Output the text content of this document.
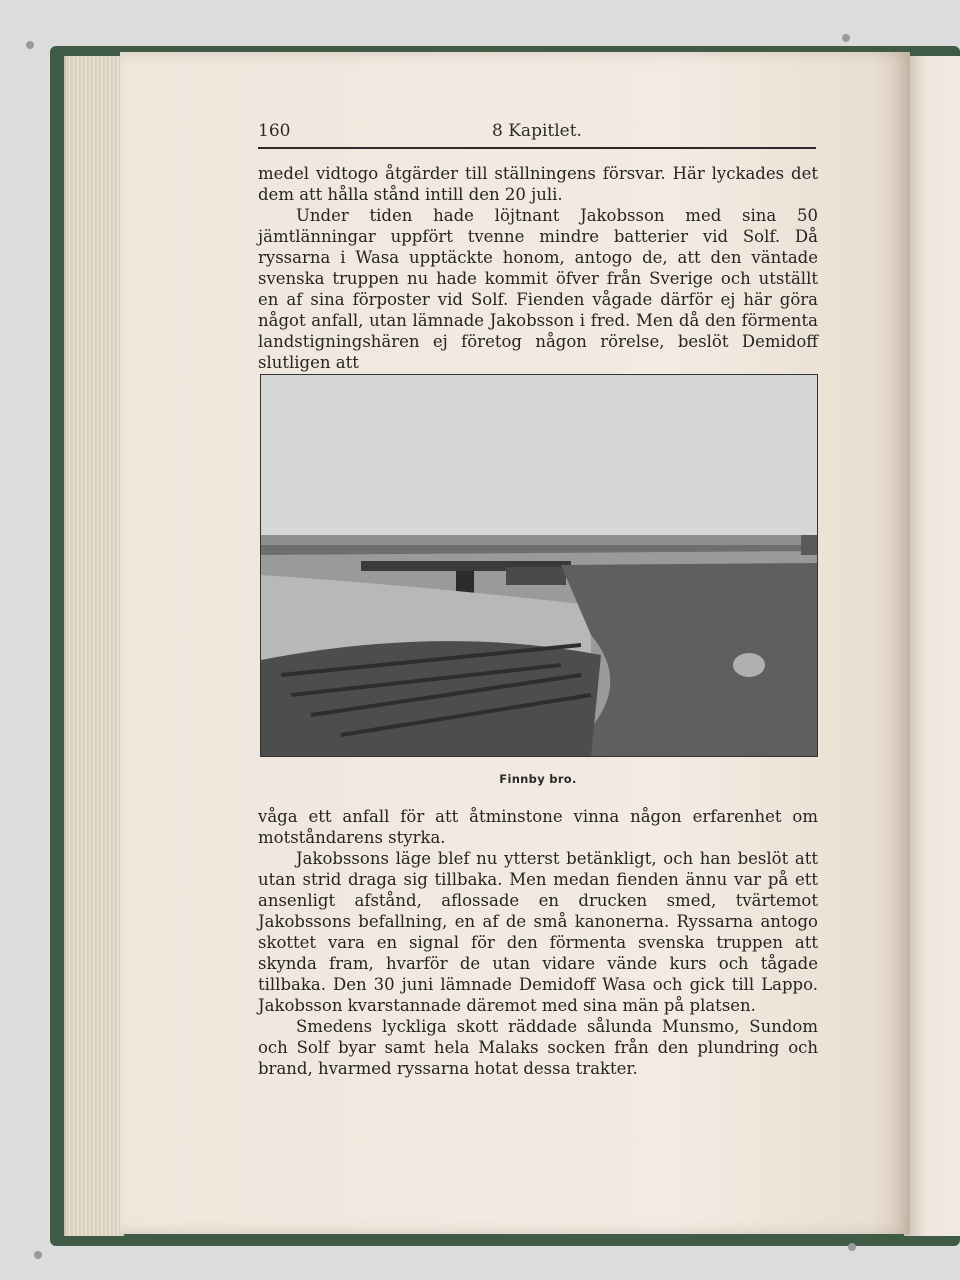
160	8 Kapitlet.

medel vidtogo åtgärder till ställningens försvar. Här lyckades det dem att hålla stånd intill den 20 juli.

Under tiden hade löjtnant Jakobsson med sina 50 jämtlänningar uppfört tvenne mindre batterier vid Solf. Då ryssarna i Wasa upptäckte honom, antogo de, att den väntade svenska truppen nu hade kommit öfver från Sverige och utställt en af sina förposter vid Solf. Fienden vågade därför ej här göra något anfall, utan lämnade Jakobsson i fred. Men då den förmenta landstigningshären ej företog någon rörelse, beslöt Demidoff slutligen att

Finnby bro.

våga ett anfall för att åtminstone vinna någon erfarenhet om motståndarens styrka.

Jakobssons läge blef nu ytterst betänkligt, och han beslöt att utan strid draga sig tillbaka. Men medan fienden ännu var på ett ansenligt afstånd, aflossade en drucken smed, tvärtemot Jakobssons befallning, en af de små kanonerna. Ryssarna antogo skottet vara en signal för den förmenta svenska truppen att skynda fram, hvarför de utan vidare vände kurs och tågade tillbaka. Den 30 juni lämnade Demidoff Wasa och gick till Lappo. Jakobsson kvarstannade däremot med sina män på platsen.

Smedens lyckliga skott räddade sålunda Munsmo, Sundom och Solf byar samt hela Malaks socken från den plundring och brand, hvarmed ryssarna hotat dessa trakter.
